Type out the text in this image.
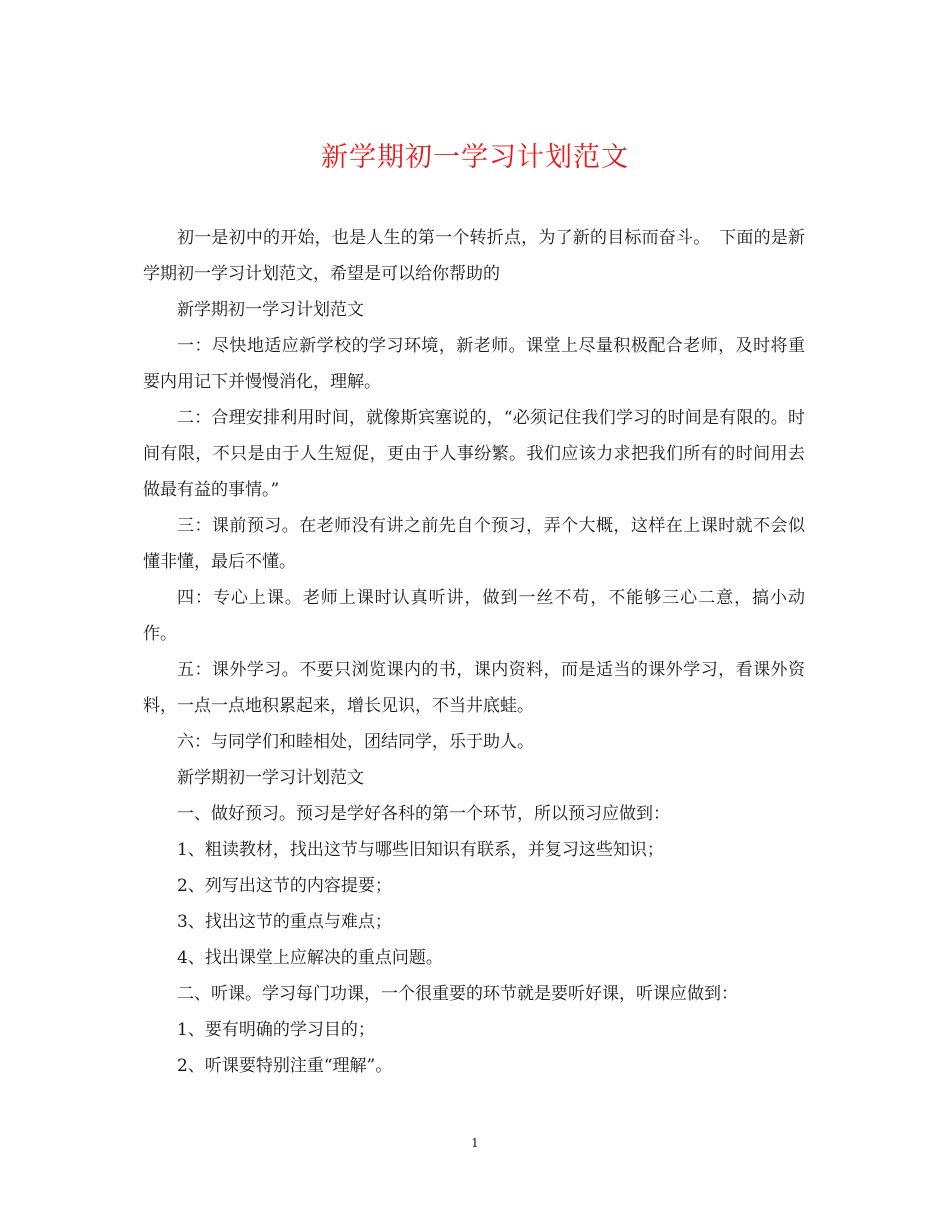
新学期初一学习计划范文

初一是初中的开始，也是人生的第一个转折点，为了新的目标而奋斗。　下面的是新学期初一学习计划范文，希望是可以给你帮助的

新学期初一学习计划范文

一：尽快地适应新学校的学习环境，新老师。课堂上尽量积极配合老师，及时将重要内用记下并慢慢消化，理解。

二：合理安排利用时间，就像斯宾塞说的，“必须记住我们学习的时间是有限的。时间有限，不只是由于人生短促，更由于人事纷繁。我们应该力求把我们所有的时间用去做最有益的事情。”

三：课前预习。在老师没有讲之前先自个预习，弄个大概，这样在上课时就不会似懂非懂，最后不懂。

四：专心上课。老师上课时认真听讲，做到一丝不苟，不能够三心二意，搞小动作。

五：课外学习。不要只浏览课内的书，课内资料，而是适当的课外学习，看课外资料，一点一点地积累起来，增长见识，不当井底蛙。

六：与同学们和睦相处，团结同学，乐于助人。

新学期初一学习计划范文

一、做好预习。预习是学好各科的第一个环节，所以预习应做到：

1、粗读教材，找出这节与哪些旧知识有联系，并复习这些知识；

2、列写出这节的内容提要；

3、找出这节的重点与难点；

4、找出课堂上应解决的重点问题。

二、听课。学习每门功课，一个很重要的环节就是要听好课，听课应做到：

1、要有明确的学习目的；

2、听课要特别注重“理解”。

1
